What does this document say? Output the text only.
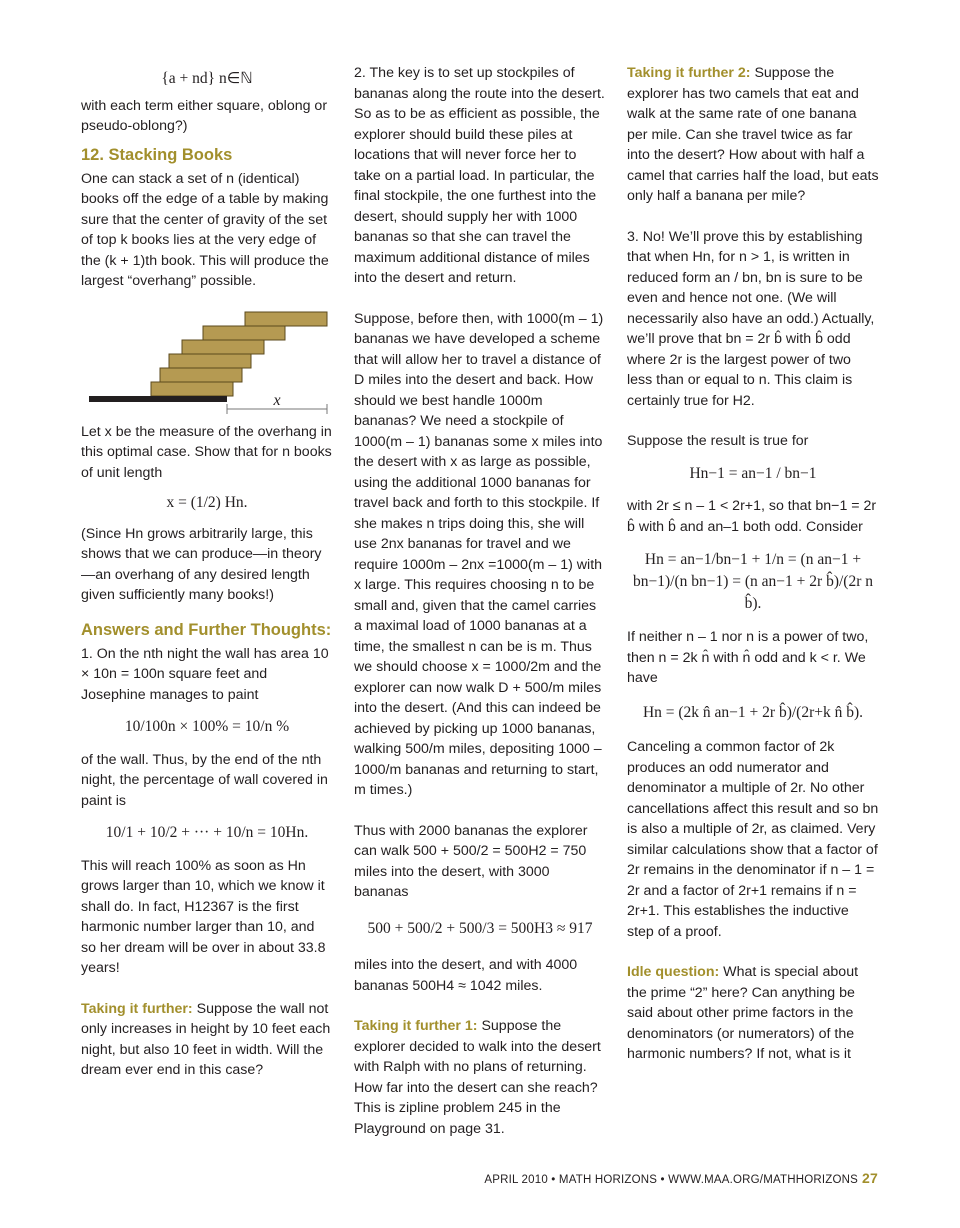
{a + nd} n∈ℕ

with each term either square, oblong or pseudo-oblong?)

12. Stacking Books

One can stack a set of n (identical) books off the edge of a table by making sure that the center of gravity of the set of top k books lies at the very edge of the (k + 1)th book. This will produce the largest “overhang” possible.

x

Let x be the measure of the overhang in this optimal case. Show that for n books of unit length

x = (1/2) Hn.

(Since Hn grows arbitrarily large, this shows that we can produce—in theory—an overhang of any desired length given sufficiently many books!)

Answers and Further Thoughts:

1. On the nth night the wall has area 10 × 10n = 100n square feet and Josephine manages to paint

10/100n × 100% = 10/n %

of the wall. Thus, by the end of the nth night, the percentage of wall covered in paint is

10/1 + 10/2 + ··· + 10/n = 10Hn.

This will reach 100% as soon as Hn grows larger than 10, which we know it shall do. In fact, H12367 is the first harmonic number larger than 10, and so her dream will be over in about 33.8 years!

Taking it further: Suppose the wall not only increases in height by 10 feet each night, but also 10 feet in width. Will the dream ever end in this case?

2. The key is to set up stockpiles of bananas along the route into the desert. So as to be as efficient as possible, the explorer should build these piles at locations that will never force her to take on a partial load. In particular, the final stockpile, the one furthest into the desert, should supply her with 1000 bananas so that she can travel the maximum additional distance of miles into the desert and return.

Suppose, before then, with 1000(m – 1) bananas we have developed a scheme that will allow her to travel a distance of D miles into the desert and back. How should we best handle 1000m bananas? We need a stockpile of 1000(m – 1) bananas some x miles into the desert with x as large as possible, using the additional 1000 bananas for travel back and forth to this stockpile. If she makes n trips doing this, she will use 2nx bananas for travel and we require 1000m – 2nx =1000(m – 1) with x large. This requires choosing n to be small and, given that the camel carries a maximal load of 1000 bananas at a time, the smallest n can be is m. Thus we should choose x = 1000/2m and the explorer can now walk D + 500/m miles into the desert. (And this can indeed be achieved by picking up 1000 bananas, walking 500/m miles, depositing 1000 – 1000/m bananas and returning to start, m times.)

Thus with 2000 bananas the explorer can walk 500 + 500/2 = 500H2 = 750 miles into the desert, with 3000 bananas

500 + 500/2 + 500/3 = 500H3 ≈ 917

miles into the desert, and with 4000 bananas 500H4 ≈ 1042 miles.

Taking it further 1: Suppose the explorer decided to walk into the desert with Ralph with no plans of returning. How far into the desert can she reach? This is zipline problem 245 in the Playground on page 31.

Taking it further 2: Suppose the explorer has two camels that eat and walk at the same rate of one banana per mile. Can she travel twice as far into the desert? How about with half a camel that carries half the load, but eats only half a banana per mile?

3. No! We’ll prove this by establishing that when Hn, for n > 1, is written in reduced form an / bn, bn is sure to be even and hence not one. (We will necessarily also have an odd.) Actually, we’ll prove that bn = 2r b̂ with b̂ odd where 2r is the largest power of two less than or equal to n. This claim is certainly true for H2.

Suppose the result is true for

Hn−1 = an−1 / bn−1

with 2r ≤ n – 1 < 2r+1, so that bn−1 = 2r b̂ with b̂ and an–1 both odd. Consider

Hn = an−1/bn−1 + 1/n = (n an−1 + bn−1)/(n bn−1) = (n an−1 + 2r b̂)/(2r n b̂).

If neither n – 1 nor n is a power of two, then n = 2k n̂ with n̂ odd and k < r. We have

Hn = (2k n̂ an−1 + 2r b̂)/(2r+k n̂ b̂).

Canceling a common factor of 2k produces an odd numerator and denominator a multiple of 2r. No other cancellations affect this result and so bn is also a multiple of 2r, as claimed. Very similar calculations show that a factor of 2r remains in the denominator if n – 1 = 2r and a factor of 2r+1 remains if n = 2r+1. This establishes the inductive step of a proof.

Idle question: What is special about the prime “2” here? Can anything be said about other prime factors in the denominators (or numerators) of the harmonic numbers? If not, what is it

APRIL 2010 • MATH HORIZONS • WWW.MAA.ORG/MATHHORIZONS 27
